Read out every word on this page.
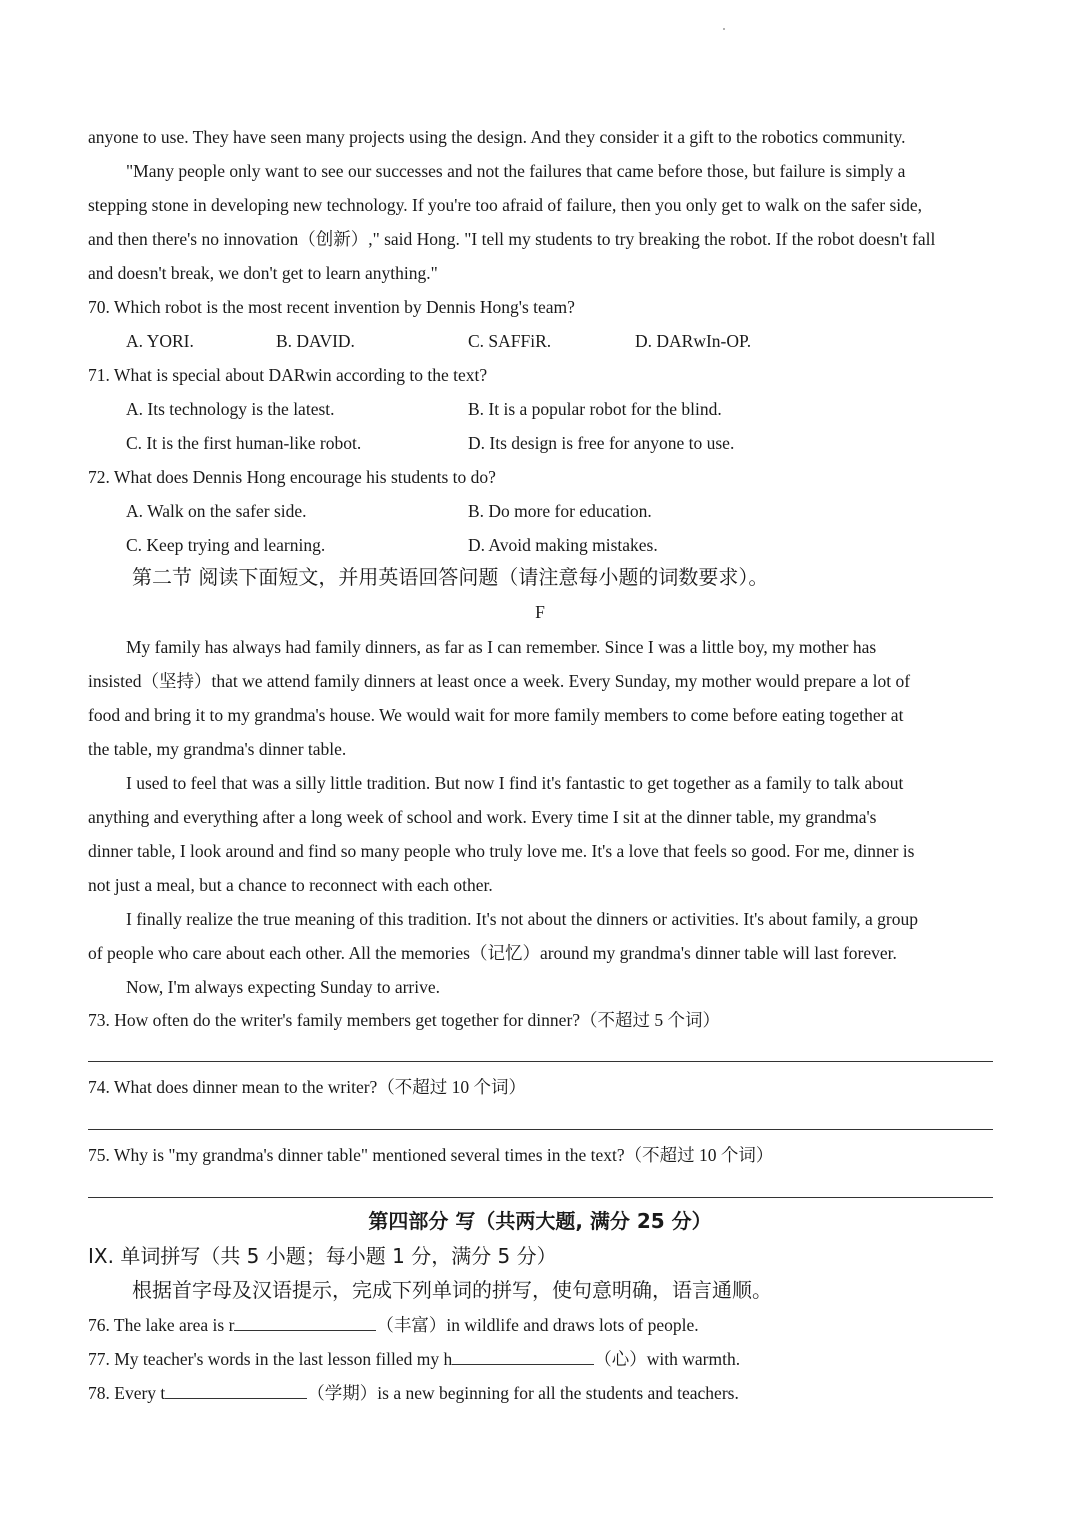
anyone to use. They have seen many projects using the design. And they consider it a gift to the robotics community.
"Many people only want to see our successes and not the failures that came before those, but failure is simply a
stepping stone in developing new technology. If you're too afraid of failure, then you only get to walk on the safer side,
and then there's no innovation（创新）," said Hong. "I tell my students to try breaking the robot. If the robot doesn't fall
and doesn't break, we don't get to learn anything."
70. Which robot is the most recent invention by Dennis Hong's team?
A. YORI.	B. DAVID.	C. SAFFiR.	D. DARwIn-OP.
71. What is special about DARwin according to the text?
A. Its technology is the latest.	B. It is a popular robot for the blind.
C. It is the first human-like robot.	D. Its design is free for anyone to use.
72. What does Dennis Hong encourage his students to do?
A. Walk on the safer side.	B. Do more for education.
C. Keep trying and learning.	D. Avoid making mistakes.
第二节 阅读下面短文，并用英语回答问题（请注意每小题的词数要求）。
F
My family has always had family dinners, as far as I can remember. Since I was a little boy, my mother has
insisted（坚持）that we attend family dinners at least once a week. Every Sunday, my mother would prepare a lot of
food and bring it to my grandma's house. We would wait for more family members to come before eating together at
the table, my grandma's dinner table.
I used to feel that was a silly little tradition. But now I find it's fantastic to get together as a family to talk about
anything and everything after a long week of school and work. Every time I sit at the dinner table, my grandma's
dinner table, I look around and find so many people who truly love me. It's a love that feels so good. For me, dinner is
not just a meal, but a chance to reconnect with each other.
I finally realize the true meaning of this tradition. It's not about the dinners or activities. It's about family, a group
of people who care about each other. All the memories（记忆）around my grandma's dinner table will last forever.
Now, I'm always expecting Sunday to arrive.
73. How often do the writer's family members get together for dinner?（不超过 5 个词）
74. What does dinner mean to the writer?（不超过 10 个词）
75. Why is "my grandma's dinner table" mentioned several times in the text?（不超过 10 个词）
第四部分 写（共两大题, 满分 25 分）
IX. 单词拼写（共 5 小题；每小题 1 分，满分 5 分）
根据首字母及汉语提示，完成下列单词的拼写，使句意明确，语言通顺。
76. The lake area is r	（丰富）in wildlife and draws lots of people.
77. My teacher's words in the last lesson filled my h	（心）with warmth.
78. Every t	（学期）is a new beginning for all the students and teachers.
